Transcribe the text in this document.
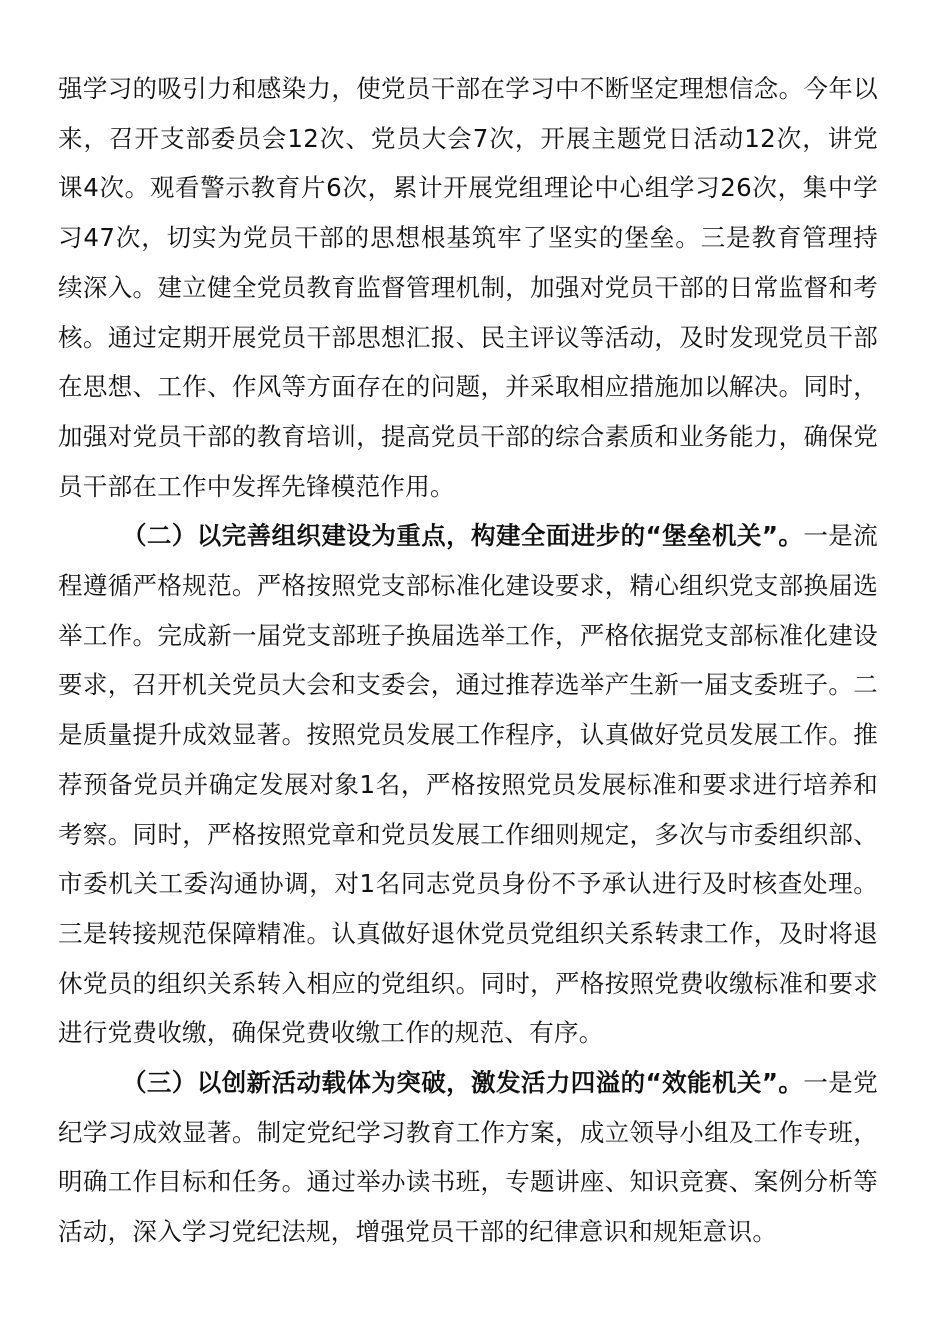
强学习的吸引力和感染力，使党员干部在学习中不断坚定理想信念。今年以来，召开支部委员会12次、党员大会7次，开展主题党日活动12次，讲党课4次。观看警示教育片6次，累计开展党组理论中心组学习26次，集中学习47次，切实为党员干部的思想根基筑牢了坚实的堡垒。三是教育管理持续深入。建立健全党员教育监督管理机制，加强对党员干部的日常监督和考核。通过定期开展党员干部思想汇报、民主评议等活动，及时发现党员干部在思想、工作、作风等方面存在的问题，并采取相应措施加以解决。同时，加强对党员干部的教育培训，提高党员干部的综合素质和业务能力，确保党员干部在工作中发挥先锋模范作用。

（二）以完善组织建设为重点，构建全面进步的“堡垒机关”。一是流程遵循严格规范。严格按照党支部标准化建设要求，精心组织党支部换届选举工作。完成新一届党支部班子换届选举工作，严格依据党支部标准化建设要求，召开机关党员大会和支委会，通过推荐选举产生新一届支委班子。二是质量提升成效显著。按照党员发展工作程序，认真做好党员发展工作。推荐预备党员并确定发展对象1名，严格按照党员发展标准和要求进行培养和考察。同时，严格按照党章和党员发展工作细则规定，多次与市委组织部、市委机关工委沟通协调，对1名同志党员身份不予承认进行及时核查处理。三是转接规范保障精准。认真做好退休党员党组织关系转隶工作，及时将退休党员的组织关系转入相应的党组织。同时，严格按照党费收缴标准和要求进行党费收缴，确保党费收缴工作的规范、有序。

（三）以创新活动载体为突破，激发活力四溢的“效能机关”。一是党纪学习成效显著。制定党纪学习教育工作方案，成立领导小组及工作专班，明确工作目标和任务。通过举办读书班，专题讲座、知识竞赛、案例分析等活动，深入学习党纪法规，增强党员干部的纪律意识和规矩意识。
